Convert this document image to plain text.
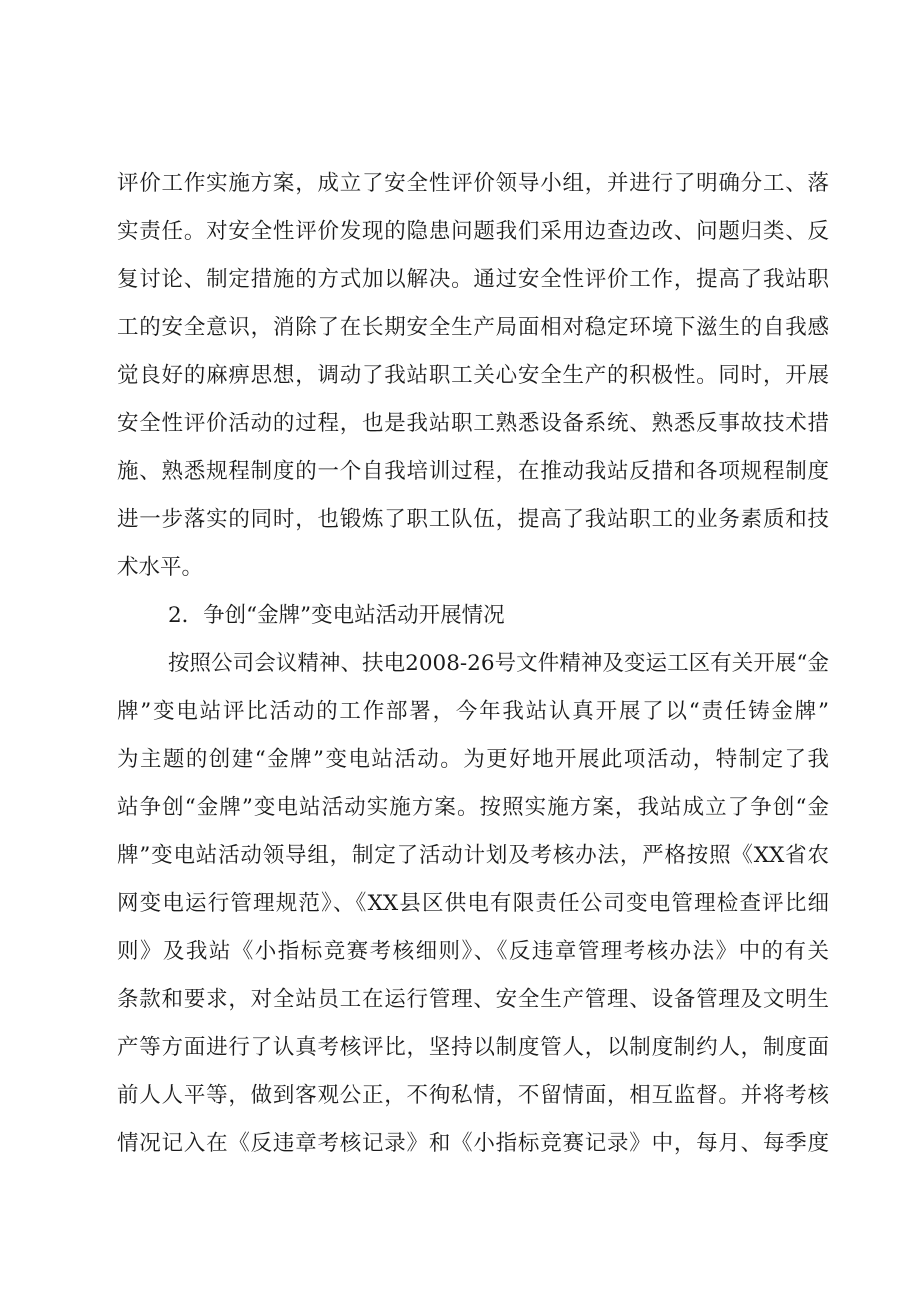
评价工作实施方案，成立了安全性评价领导小组，并进行了明确分工、落
实责任。对安全性评价发现的隐患问题我们采用边查边改、问题归类、反
复讨论、制定措施的方式加以解决。通过安全性评价工作，提高了我站职
工的安全意识，消除了在长期安全生产局面相对稳定环境下滋生的自我感
觉良好的麻痹思想，调动了我站职工关心安全生产的积极性。同时，开展
安全性评价活动的过程，也是我站职工熟悉设备系统、熟悉反事故技术措
施、熟悉规程制度的一个自我培训过程，在推动我站反措和各项规程制度
进一步落实的同时，也锻炼了职工队伍，提高了我站职工的业务素质和技
术水平。
2．争创“金牌”变电站活动开展情况
按照公司会议精神、扶电2008-26号文件精神及变运工区有关开展“金
牌”变电站评比活动的工作部署，今年我站认真开展了以“责任铸金牌”
为主题的创建“金牌”变电站活动。为更好地开展此项活动，特制定了我
站争创“金牌”变电站活动实施方案。按照实施方案，我站成立了争创“金
牌”变电站活动领导组，制定了活动计划及考核办法，严格按照《XX省农
网变电运行管理规范》、《XX县区供电有限责任公司变电管理检查评比细
则》及我站《小指标竞赛考核细则》、《反违章管理考核办法》中的有关
条款和要求，对全站员工在运行管理、安全生产管理、设备管理及文明生
产等方面进行了认真考核评比，坚持以制度管人，以制度制约人，制度面
前人人平等，做到客观公正，不徇私情，不留情面，相互监督。并将考核
情况记入在《反违章考核记录》和《小指标竞赛记录》中，每月、每季度
